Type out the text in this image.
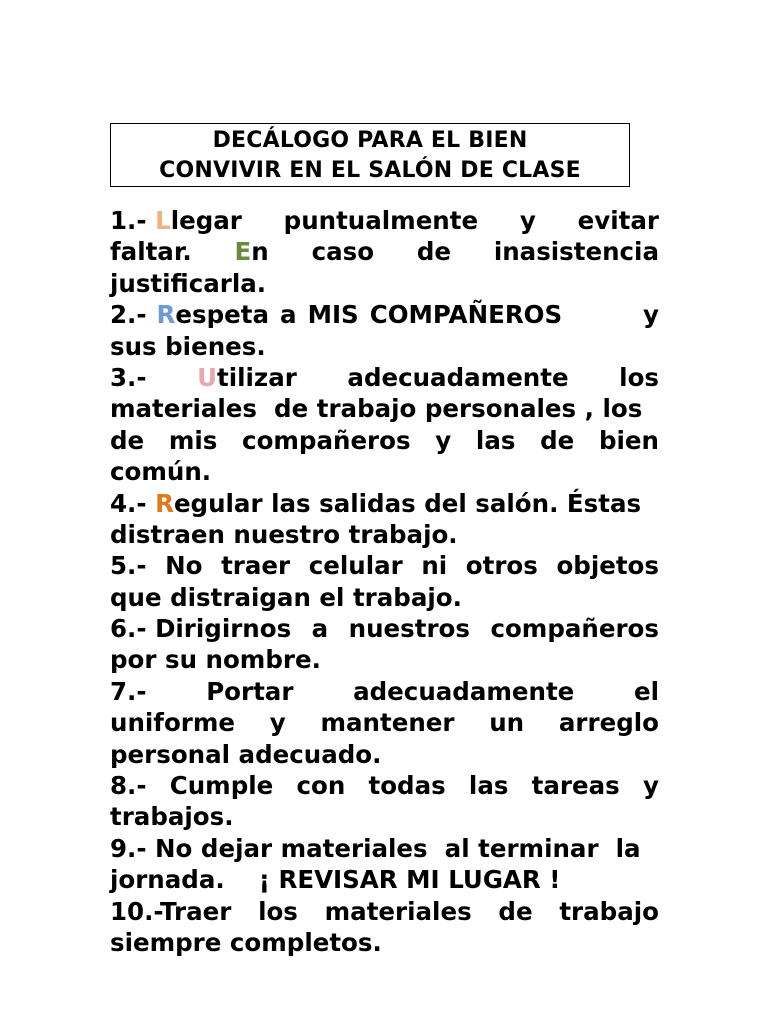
DECÁLOGO PARA EL BIEN
CONVIVIR EN EL SALÓN DE CLASE
1.- Llegar puntualmente y evitar
faltar. En caso de inasistencia
justificarla.
2.- R espeta a MIS COMPAÑEROS	y
sus bienes.
3.- Utilizar adecuadamente los
materiales  de trabajo personales , los
de mis compañeros y las de bien
común.
4.- Regular las salidas del salón. Éstas
distraen nuestro trabajo.
5.- No traer celular ni otros objetos
que distraigan el trabajo.
6.- Dirigirnos a nuestros compañeros
por su nombre.
7.- Portar adecuadamente el
uniforme y mantener un arreglo
personal adecuado.
8.- Cumple con todas las tareas y
trabajos.
9.- No dejar materiales  al terminar  la
jornada.    ¡ REVISAR MI LUGAR !
10.-Traer los materiales de trabajo
siempre completos.
